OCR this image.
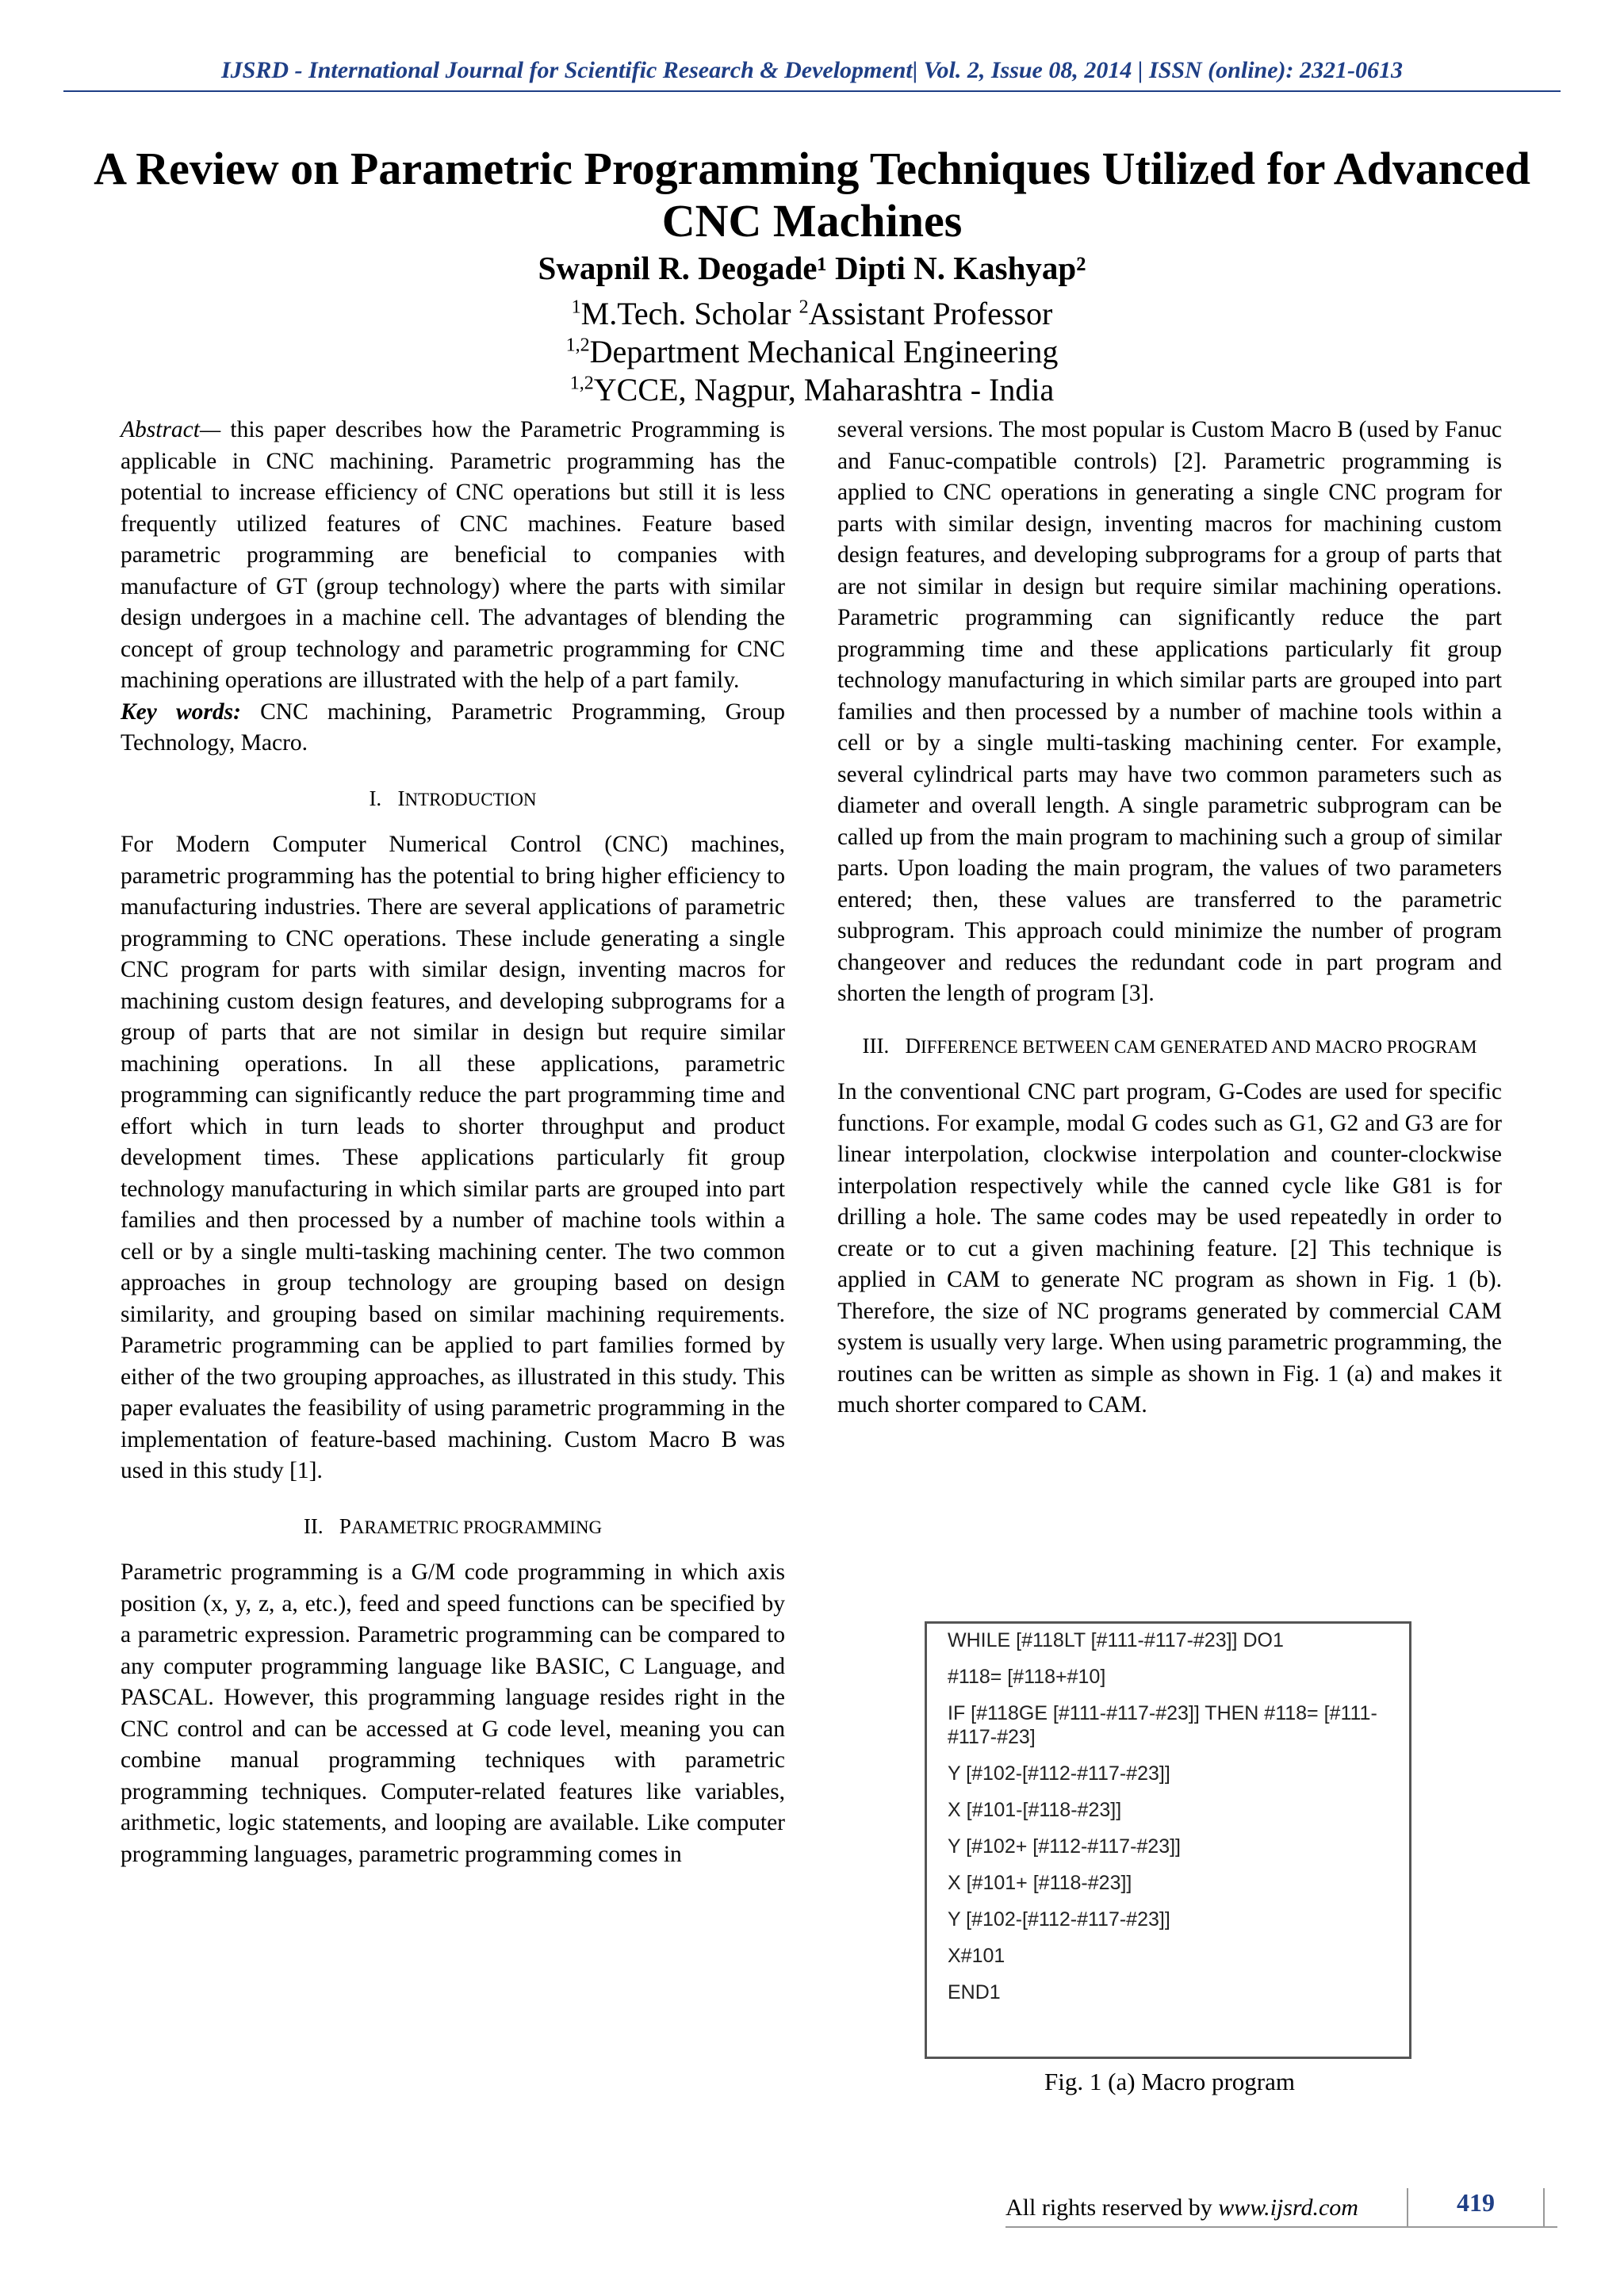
IJSRD - International Journal for Scientific Research & Development| Vol. 2, Issue 08, 2014 | ISSN (online): 2321-0613
A Review on Parametric Programming Techniques Utilized for Advanced CNC Machines
Swapnil R. Deogade¹ Dipti N. Kashyap²
$^1$M.Tech. Scholar $^2$Assistant Professor
$^{1,2}$Department Mechanical Engineering
$^{1,2}$YCCE, Nagpur, Maharashtra - India

Abstract— this paper describes how the Parametric Programming is applicable in CNC machining. Parametric programming has the potential to increase efficiency of CNC operations but still it is less frequently utilized features of CNC machines. Feature based parametric programming are beneficial to companies with manufacture of GT (group technology) where the parts with similar design undergoes in a machine cell. The advantages of blending the concept of group technology and parametric programming for CNC machining operations are illustrated with the help of a part family.

Key words: CNC machining, Parametric Programming, Group Technology, Macro.

I. INTRODUCTION

For Modern Computer Numerical Control (CNC) machines, parametric programming has the potential to bring higher efficiency to manufacturing industries. There are several applications of parametric programming to CNC operations. These include generating a single CNC program for parts with similar design, inventing macros for machining custom design features, and developing subprograms for a group of parts that are not similar in design but require similar machining operations. In all these applications, parametric programming can significantly reduce the part programming time and effort which in turn leads to shorter throughput and product development times. These applications particularly fit group technology manufacturing in which similar parts are grouped into part families and then processed by a number of machine tools within a cell or by a single multi-tasking machining center. The two common approaches in group technology are grouping based on design similarity, and grouping based on similar machining requirements. Parametric programming can be applied to part families formed by either of the two grouping approaches, as illustrated in this study. This paper evaluates the feasibility of using parametric programming in the implementation of feature-based machining. Custom Macro B was used in this study [1].

II. PARAMETRIC PROGRAMMING

Parametric programming is a G/M code programming in which axis position (x, y, z, a, etc.), feed and speed functions can be specified by a parametric expression. Parametric programming can be compared to any computer programming language like BASIC, C Language, and PASCAL. However, this programming language resides right in the CNC control and can be accessed at G code level, meaning you can combine manual programming techniques with parametric programming techniques. Computer-related features like variables, arithmetic, logic statements, and looping are available. Like computer programming languages, parametric programming comes in

several versions. The most popular is Custom Macro B (used by Fanuc and Fanuc-compatible controls) [2]. Parametric programming is applied to CNC operations in generating a single CNC program for parts with similar design, inventing macros for machining custom design features, and developing subprograms for a group of parts that are not similar in design but require similar machining operations. Parametric programming can significantly reduce the part programming time and these applications particularly fit group technology manufacturing in which similar parts are grouped into part families and then processed by a number of machine tools within a cell or by a single multi-tasking machining center. For example, several cylindrical parts may have two common parameters such as diameter and overall length. A single parametric subprogram can be called up from the main program to machining such a group of similar parts. Upon loading the main program, the values of two parameters entered; then, these values are transferred to the parametric subprogram. This approach could minimize the number of program changeover and reduces the redundant code in part program and shorten the length of program [3].

III. DIFFERENCE BETWEEN CAM GENERATED AND MACRO PROGRAM

In the conventional CNC part program, G-Codes are used for specific functions. For example, modal G codes such as G1, G2 and G3 are for linear interpolation, clockwise interpolation and counter-clockwise interpolation respectively while the canned cycle like G81 is for drilling a hole. The same codes may be used repeatedly in order to create or to cut a given machining feature. [2] This technique is applied in CAM to generate NC program as shown in Fig. 1 (b). Therefore, the size of NC programs generated by commercial CAM system is usually very large. When using parametric programming, the routines can be written as simple as shown in Fig. 1 (a) and makes it much shorter compared to CAM.

WHILE [#118LT [#111-#117-#23]] DO1
#118= [#118+#10]
IF [#118GE [#111-#117-#23]] THEN #118= [#111-#117-#23]
Y [#102-[#112-#117-#23]]
X [#101-[#118-#23]]
Y [#102+ [#112-#117-#23]]
X [#101+ [#118-#23]]
Y [#102-[#112-#117-#23]]
X#101
END1
Fig. 1 (a) Macro program
All rights reserved by www.ijsrd.com	419
